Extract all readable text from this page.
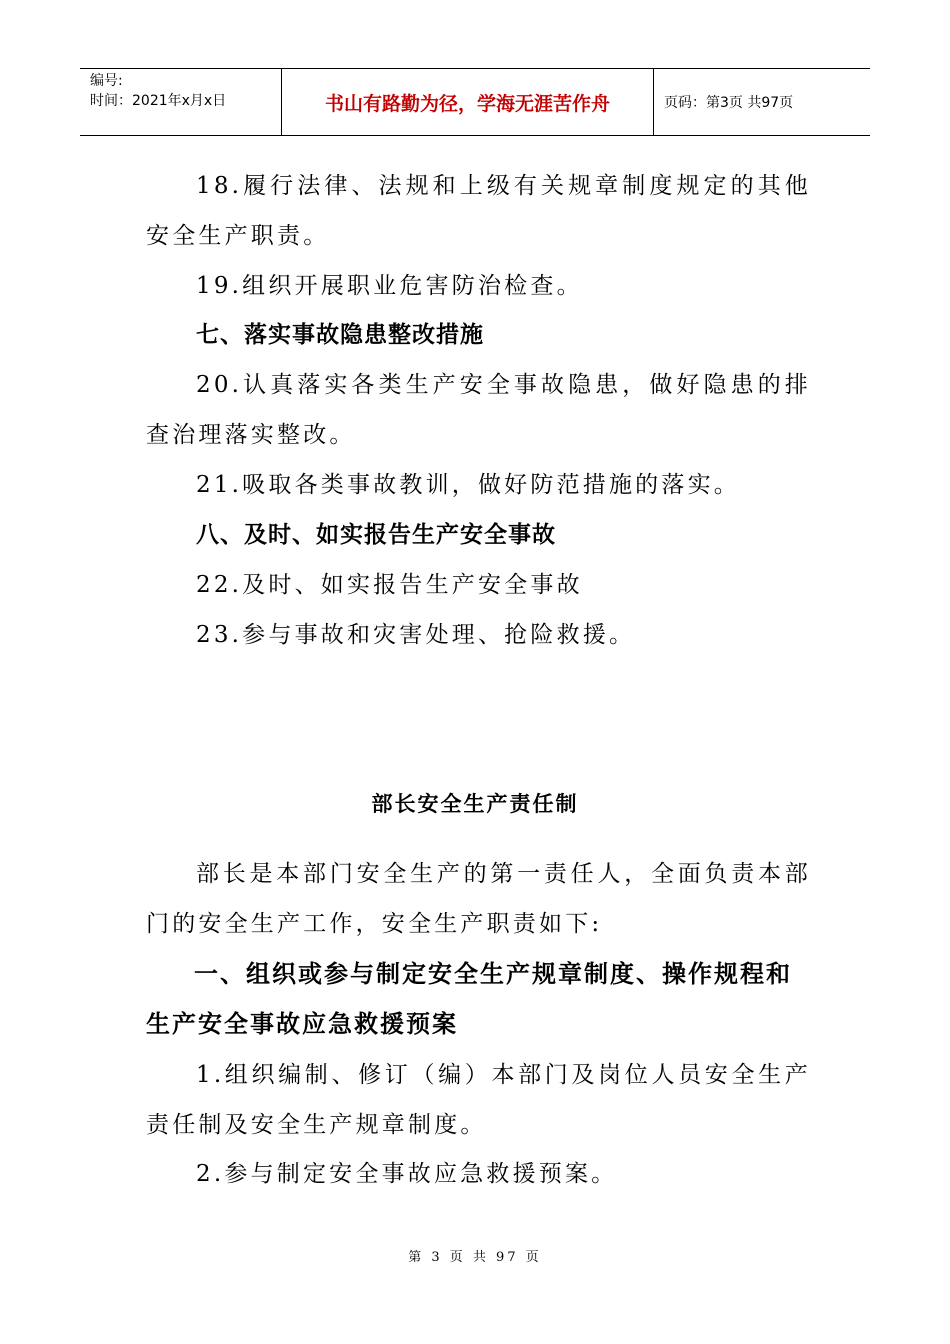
编号:
时间：2021年x月x日	书山有路勤为径，学海无涯苦作舟	页码：第3页 共97页

18.履行法律、法规和上级有关规章制度规定的其他安全生产职责。

19.组织开展职业危害防治检查。

七、落实事故隐患整改措施

20.认真落实各类生产安全事故隐患，做好隐患的排查治理落实整改。

21.吸取各类事故教训，做好防范措施的落实。

八、及时、如实报告生产安全事故

22.及时、如实报告生产安全事故

23.参与事故和灾害处理、抢险救援。

部长安全生产责任制

部长是本部门安全生产的第一责任人，全面负责本部门的安全生产工作，安全生产职责如下:

一、组织或参与制定安全生产规章制度、操作规程和生产安全事故应急救援预案

1.组织编制、修订（编）本部门及岗位人员安全生产责任制及安全生产规章制度。

2.参与制定安全事故应急救援预案。

第 3 页 共 97 页
